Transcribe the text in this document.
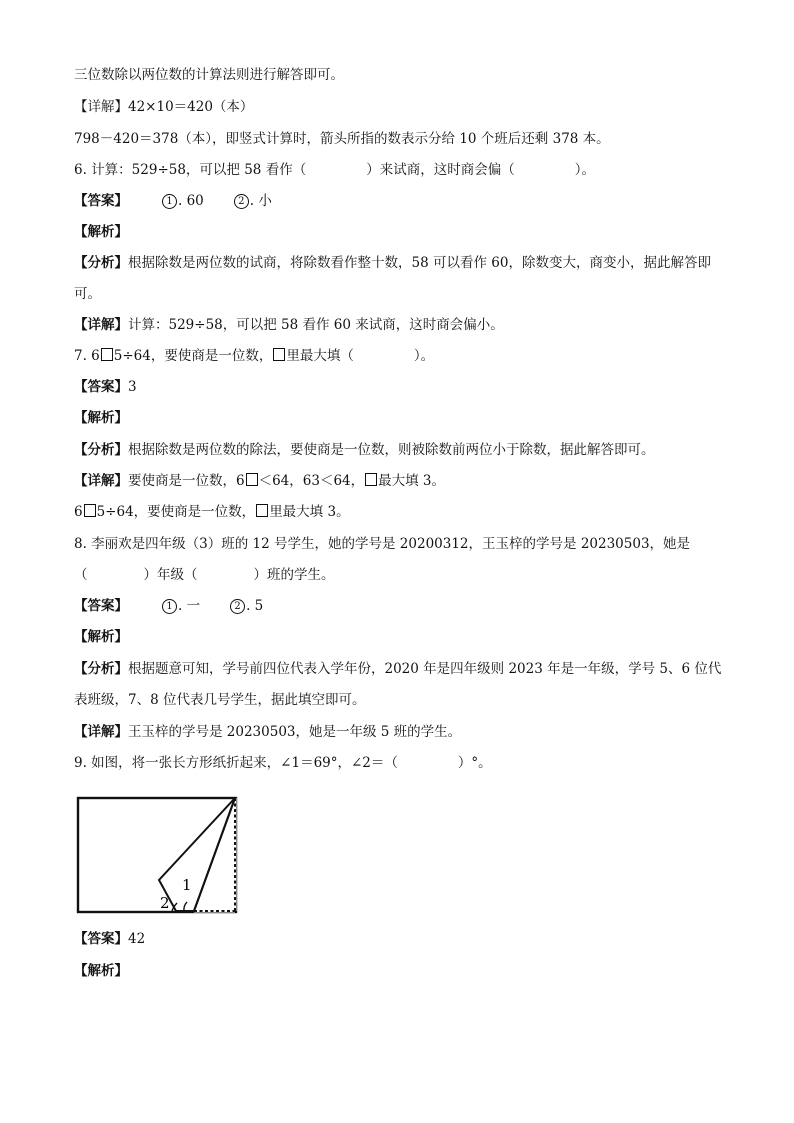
三位数除以两位数的计算法则进行解答即可。
【详解】42×10＝420（本）
798－420＝378（本），即竖式计算时，箭头所指的数表示分给 10 个班后还剩 378 本。
6. 计算：529÷58，可以把 58 看作（	）来试商，这时商会偏（	）。
【答案】	1 . 60	2 . 小
【解析】
【分析】根据除数是两位数的试商，将除数看作整十数，58 可以看作 60，除数变大，商变小，据此解答即
可。
【详解】计算：529÷58，可以把 58 看作 60 来试商，这时商会偏小。
7. 6 5÷64，要使商是一位数， 里最大填（	）。
【答案】3
【解析】
【分析】根据除数是两位数的除法，要使商是一位数，则被除数前两位小于除数，据此解答即可。
【详解】要使商是一位数，6 ＜64，63＜64， 最大填 3。
6 5÷64，要使商是一位数， 里最大填 3。
8. 李丽欢是四年级（3）班的 12 号学生，她的学号是 20200312，王玉梓的学号是 20230503，她是
（	）年级（	）班的学生。
【答案】	1 . 一	2 . 5
【解析】
【分析】根据题意可知，学号前四位代表入学年份，2020 年是四年级则 2023 年是一年级，学号 5、6 位代
表班级，7、8 位代表几号学生，据此填空即可。
【详解】王玉梓的学号是 20230503，她是一年级 5 班的学生。
9. 如图，将一张长方形纸折起来，∠1＝69°，∠2＝（	）°。
1
2
【答案】42
【解析】
